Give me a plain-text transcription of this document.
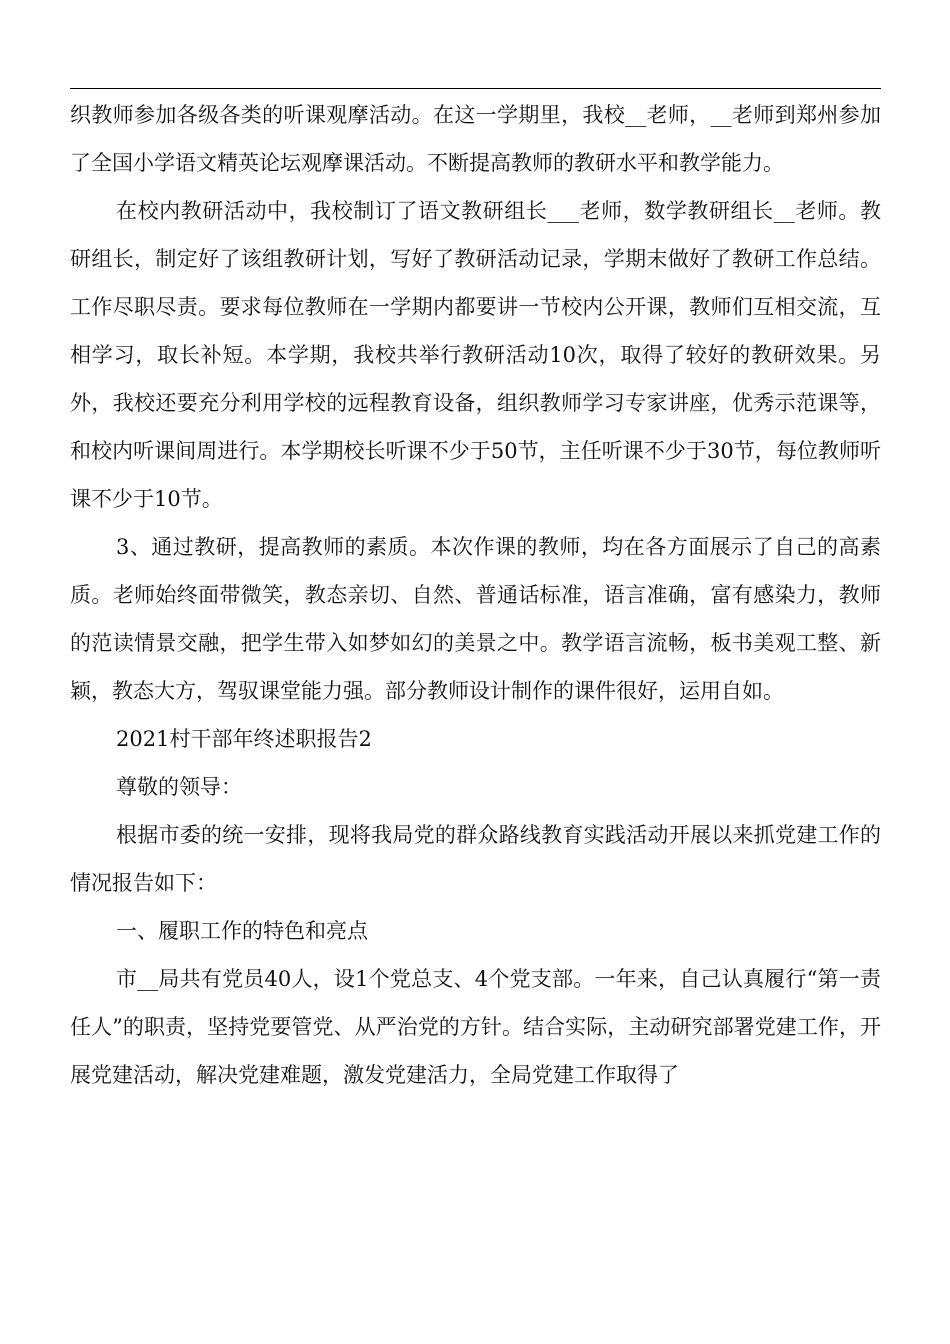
织教师参加各级各类的听课观摩活动。在这一学期里，我校__老师，__老师到郑州参加了全国小学语文精英论坛观摩课活动。不断提高教师的教研水平和教学能力。

在校内教研活动中，我校制订了语文教研组长___老师，数学教研组长__老师。教研组长，制定好了该组教研计划，写好了教研活动记录，学期末做好了教研工作总结。工作尽职尽责。要求每位教师在一学期内都要讲一节校内公开课，教师们互相交流，互相学习，取长补短。本学期，我校共举行教研活动10次，取得了较好的教研效果。另外，我校还要充分利用学校的远程教育设备，组织教师学习专家讲座，优秀示范课等，和校内听课间周进行。本学期校长听课不少于50节，主任听课不少于30节，每位教师听课不少于10节。

3、通过教研，提高教师的素质。本次作课的教师，均在各方面展示了自己的高素质。老师始终面带微笑，教态亲切、自然、普通话标准，语言准确，富有感染力，教师的范读情景交融，把学生带入如梦如幻的美景之中。教学语言流畅，板书美观工整、新颖，教态大方，驾驭课堂能力强。部分教师设计制作的课件很好，运用自如。

2021村干部年终述职报告2

尊敬的领导：

根据市委的统一安排，现将我局党的群众路线教育实践活动开展以来抓党建工作的情况报告如下：

一、履职工作的特色和亮点

市__局共有党员40人，设1个党总支、4个党支部。一年来，自己认真履行“第一责任人”的职责，坚持党要管党、从严治党的方针。结合实际，主动研究部署党建工作，开展党建活动，解决党建难题，激发党建活力，全局党建工作取得了
